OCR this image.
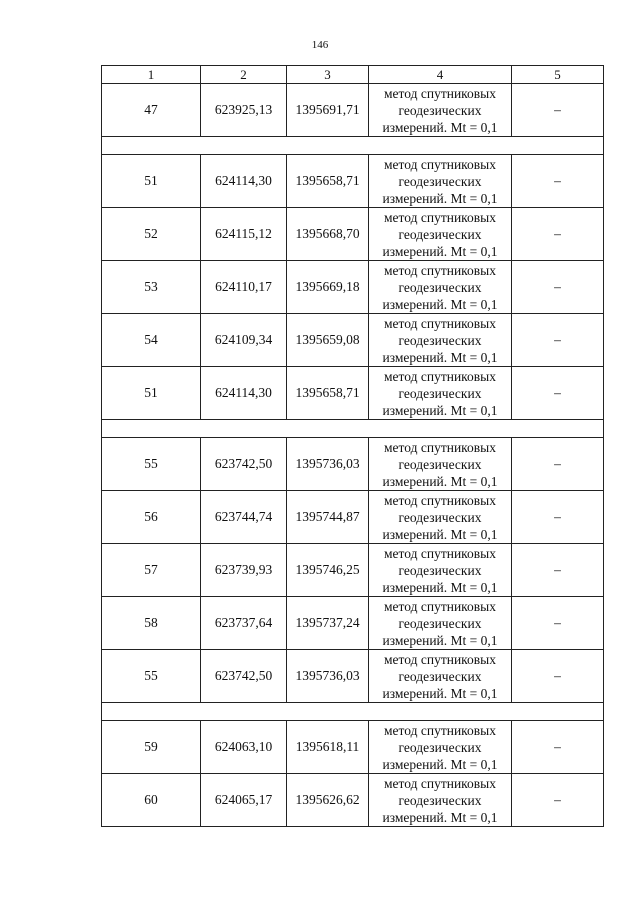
146
1	2	3	4	5
47	623925,13	1395691,71	метод спутниковых
геодезических
измерений. Mt = 0,1	–

51	624114,30	1395658,71	метод спутниковых
геодезических
измерений. Mt = 0,1	–
52	624115,12	1395668,70	метод спутниковых
геодезических
измерений. Mt = 0,1	–
53	624110,17	1395669,18	метод спутниковых
геодезических
измерений. Mt = 0,1	–
54	624109,34	1395659,08	метод спутниковых
геодезических
измерений. Mt = 0,1	–
51	624114,30	1395658,71	метод спутниковых
геодезических
измерений. Mt = 0,1	–

55	623742,50	1395736,03	метод спутниковых
геодезических
измерений. Mt = 0,1	–
56	623744,74	1395744,87	метод спутниковых
геодезических
измерений. Mt = 0,1	–
57	623739,93	1395746,25	метод спутниковых
геодезических
измерений. Mt = 0,1	–
58	623737,64	1395737,24	метод спутниковых
геодезических
измерений. Mt = 0,1	–
55	623742,50	1395736,03	метод спутниковых
геодезических
измерений. Mt = 0,1	–

59	624063,10	1395618,11	метод спутниковых
геодезических
измерений. Mt = 0,1	–
60	624065,17	1395626,62	метод спутниковых
геодезических
измерений. Mt = 0,1	–
